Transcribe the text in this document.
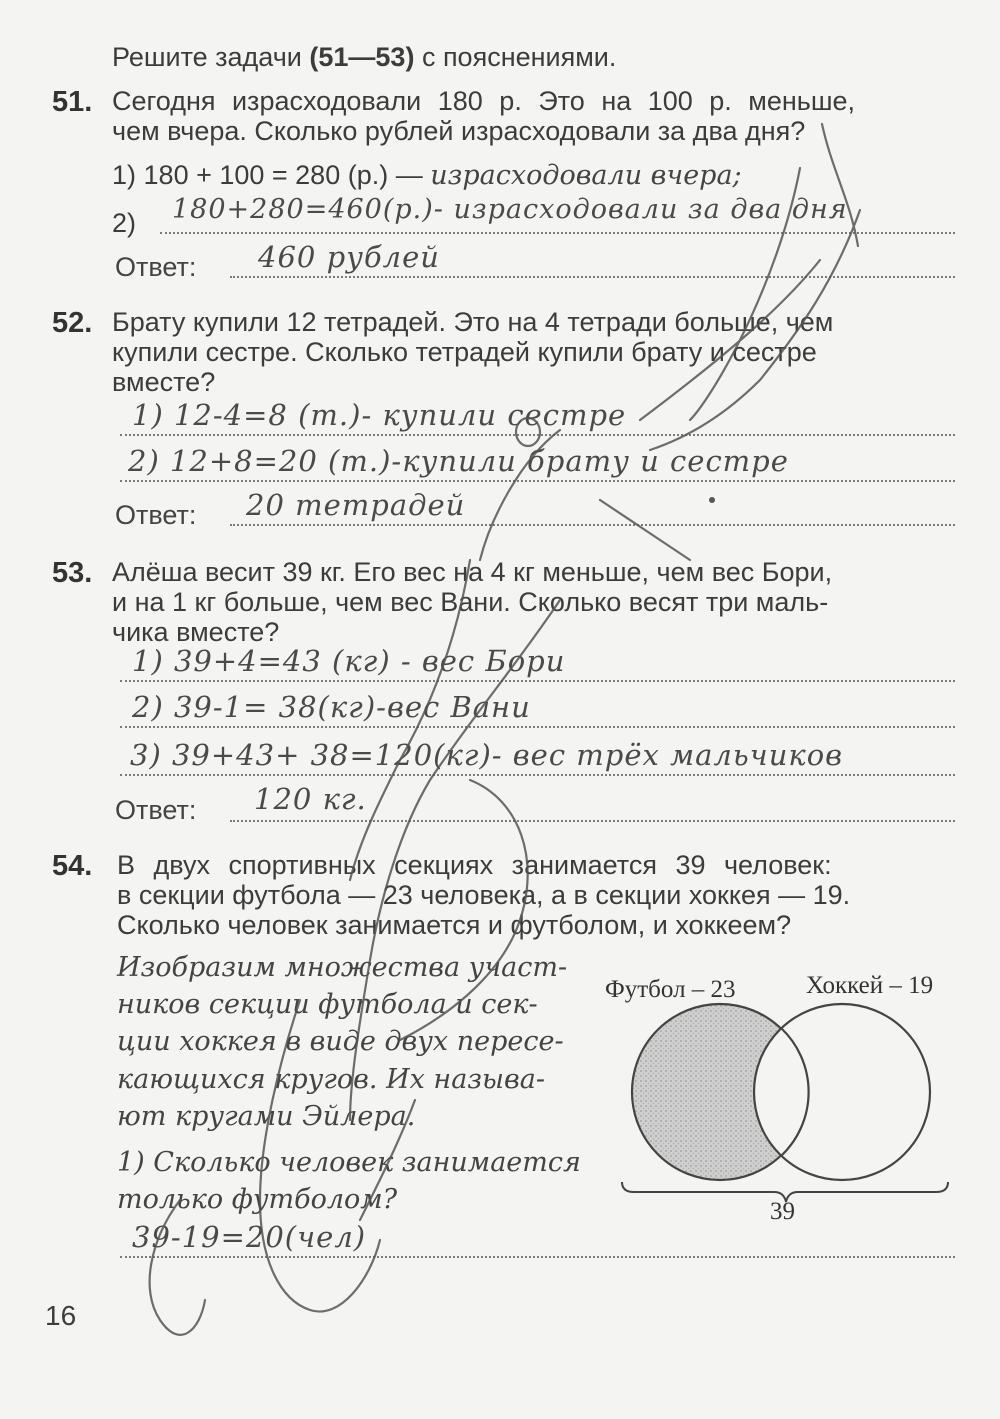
Решите задачи (51—53) с пояснениями.
51. Сегодня израсходовали 180 р. Это на 100 р. меньше,
чем вчера. Сколько рублей израсходовали за два дня?
1) 180 + 100 = 280 (р.) — израсходовали вчера;
2) 180+280=460(р.)- израсходовали за два дня
Ответ: 460 рублей
52. Брату купили 12 тетрадей. Это на 4 тетради больше, чем
купили сестре. Сколько тетрадей купили брату и сестре
вместе?
1) 12-4=8 (т.)- купили сестре
2) 12+8=20 (т.)-купили брату и сестре
Ответ: 20 тетрадей
53. Алёша весит 39 кг. Его вес на 4 кг меньше, чем вес Бори,
и на 1 кг больше, чем вес Вани. Сколько весят три маль-
чика вместе?
1) 39+4=43 (кг) - вес Бори
2) 39-1= 38(кг)-вес Вани
3) 39+43+ 38=120(кг)- вес трёх мальчиков
Ответ: 120 кг.
54. В двух спортивных секциях занимается 39 человек:
в секции футбола — 23 человека, а в секции хоккея — 19.
Сколько человек занимается и футболом, и хоккеем?
Изобразим множества участ-
ников секции футбола и сек-
ции хоккея в виде двух пересе-
кающихся кругов. Их называ-
ют кругами Эйлера.
1) Сколько человек занимается
только футболом?
39-19=20(чел)
Футбол – 23	Хоккей – 19
39
16
